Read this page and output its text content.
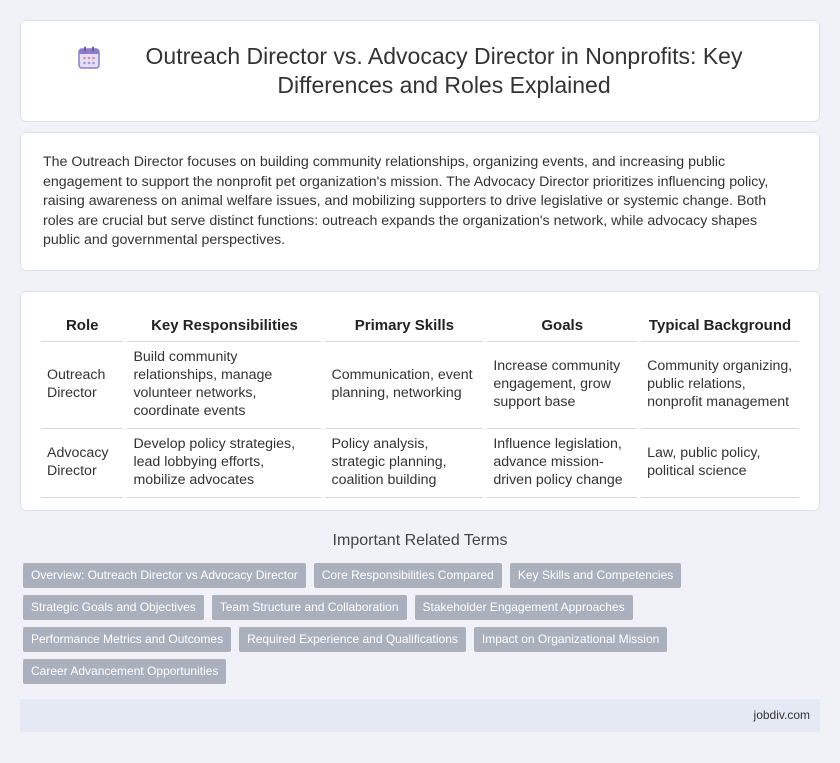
Outreach Director vs. Advocacy Director in Nonprofits: Key Differences and Roles Explained

The Outreach Director focuses on building community relationships, organizing events, and increasing public engagement to support the nonprofit pet organization's mission. The Advocacy Director prioritizes influencing policy, raising awareness on animal welfare issues, and mobilizing supporters to drive legislative or systemic change. Both roles are crucial but serve distinct functions: outreach expands the organization's network, while advocacy shapes public and governmental perspectives.

Role	Key Responsibilities	Primary Skills	Goals	Typical Background
Outreach Director	Build community relationships, manage volunteer networks, coordinate events	Communication, event planning, networking	Increase community engagement, grow support base	Community organizing, public relations, nonprofit management
Advocacy Director	Develop policy strategies, lead lobbying efforts, mobilize advocates	Policy analysis, strategic planning, coalition building	Influence legislation, advance mission-driven policy change	Law, public policy, political science
Important Related Terms
Overview: Outreach Director vs Advocacy Director	Core Responsibilities Compared	Key Skills and Competencies
Strategic Goals and Objectives	Team Structure and Collaboration	Stakeholder Engagement Approaches
Performance Metrics and Outcomes	Required Experience and Qualifications	Impact on Organizational Mission
Career Advancement Opportunities
jobdiv.com
